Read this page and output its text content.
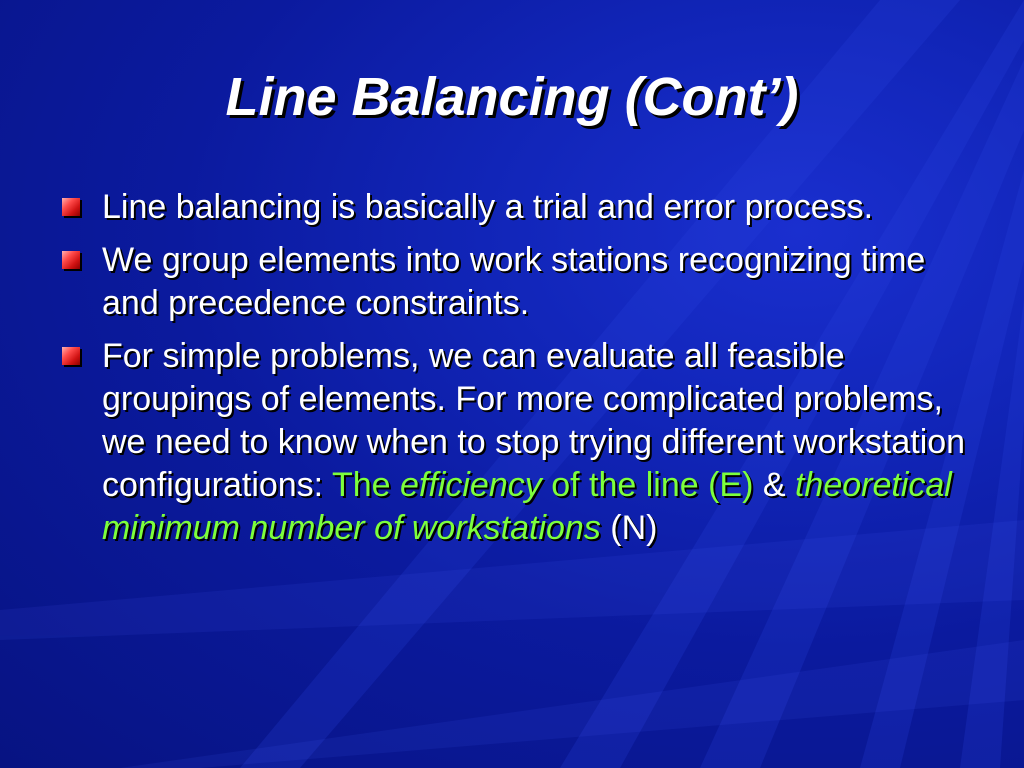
Line Balancing (Cont’)
Line balancing is basically a trial and error process.
We group elements into work stations recognizing time and precedence constraints.
For simple problems, we can evaluate all feasible groupings of elements. For more complicated problems, we need to know when to stop trying different workstation configurations: The efficiency of the line (E) & theoretical minimum number of workstations (N)
